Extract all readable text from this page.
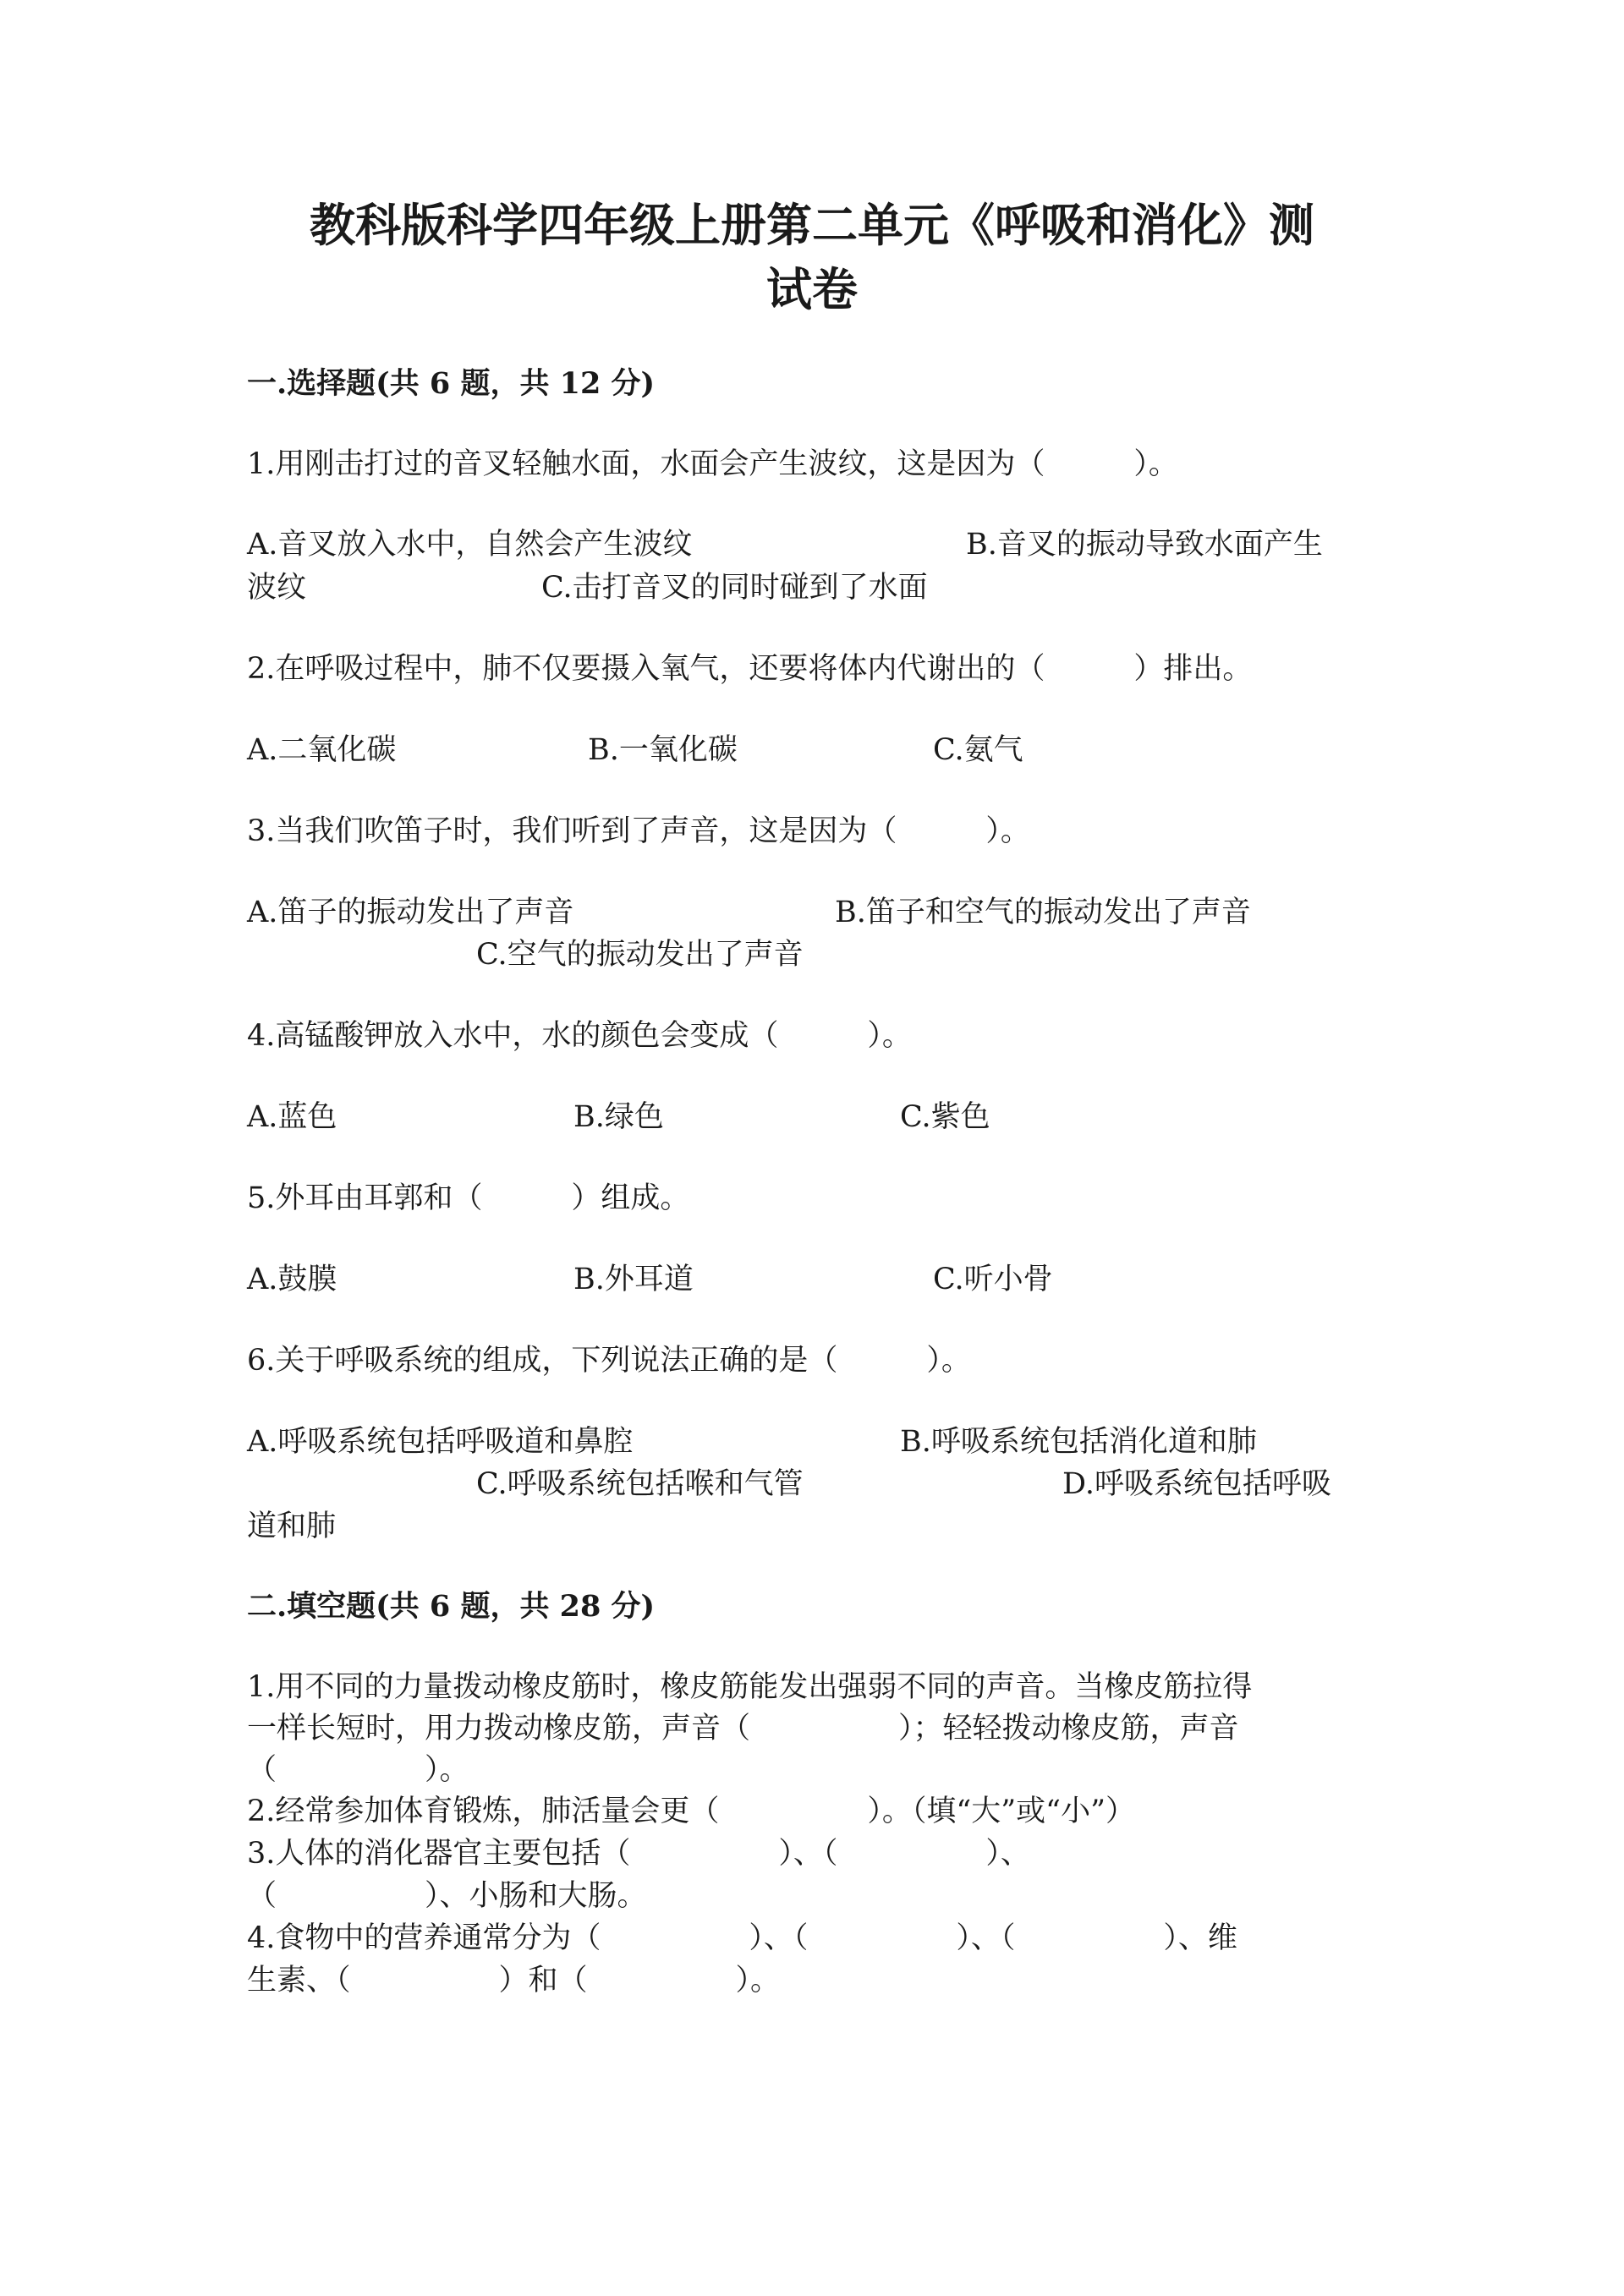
教科版科学四年级上册第二单元《呼吸和消化》测
试卷
一.选择题(共 6 题，共 12 分)
1.用刚击打过的音叉轻触水面，水面会产生波纹，这是因为（　　　）。
A.音叉放入水中，自然会产生波纹	B.音叉的振动导致水面产生
波纹	C.击打音叉的同时碰到了水面
2.在呼吸过程中，肺不仅要摄入氧气，还要将体内代谢出的（　　　）排出。
A.二氧化碳	B.一氧化碳	C.氨气
3.当我们吹笛子时，我们听到了声音，这是因为（　　　）。
A.笛子的振动发出了声音	B.笛子和空气的振动发出了声音
C.空气的振动发出了声音
4.高锰酸钾放入水中，水的颜色会变成（　　　）。
A.蓝色	B.绿色	C.紫色
5.外耳由耳郭和（　　　）组成。
A.鼓膜	B.外耳道	C.听小骨
6.关于呼吸系统的组成，下列说法正确的是（　　　）。
A.呼吸系统包括呼吸道和鼻腔	B.呼吸系统包括消化道和肺
C.呼吸系统包括喉和气管	D.呼吸系统包括呼吸
道和肺
二.填空题(共 6 题，共 28 分)
1.用不同的力量拨动橡皮筋时，橡皮筋能发出强弱不同的声音。当橡皮筋拉得
一样长短时，用力拨动橡皮筋，声音（　　　　　）；轻轻拨动橡皮筋，声音
（　　　　　）。
2.经常参加体育锻炼，肺活量会更（　　　　　）。（填“大”或“小”）
3.人体的消化器官主要包括（　　　　　）、（　　　　　）、
（　　　　　）、小肠和大肠。
4.食物中的营养通常分为（　　　　　）、（　　　　　）、（　　　　　）、维
生素、（　　　　　）和（　　　　　）。
